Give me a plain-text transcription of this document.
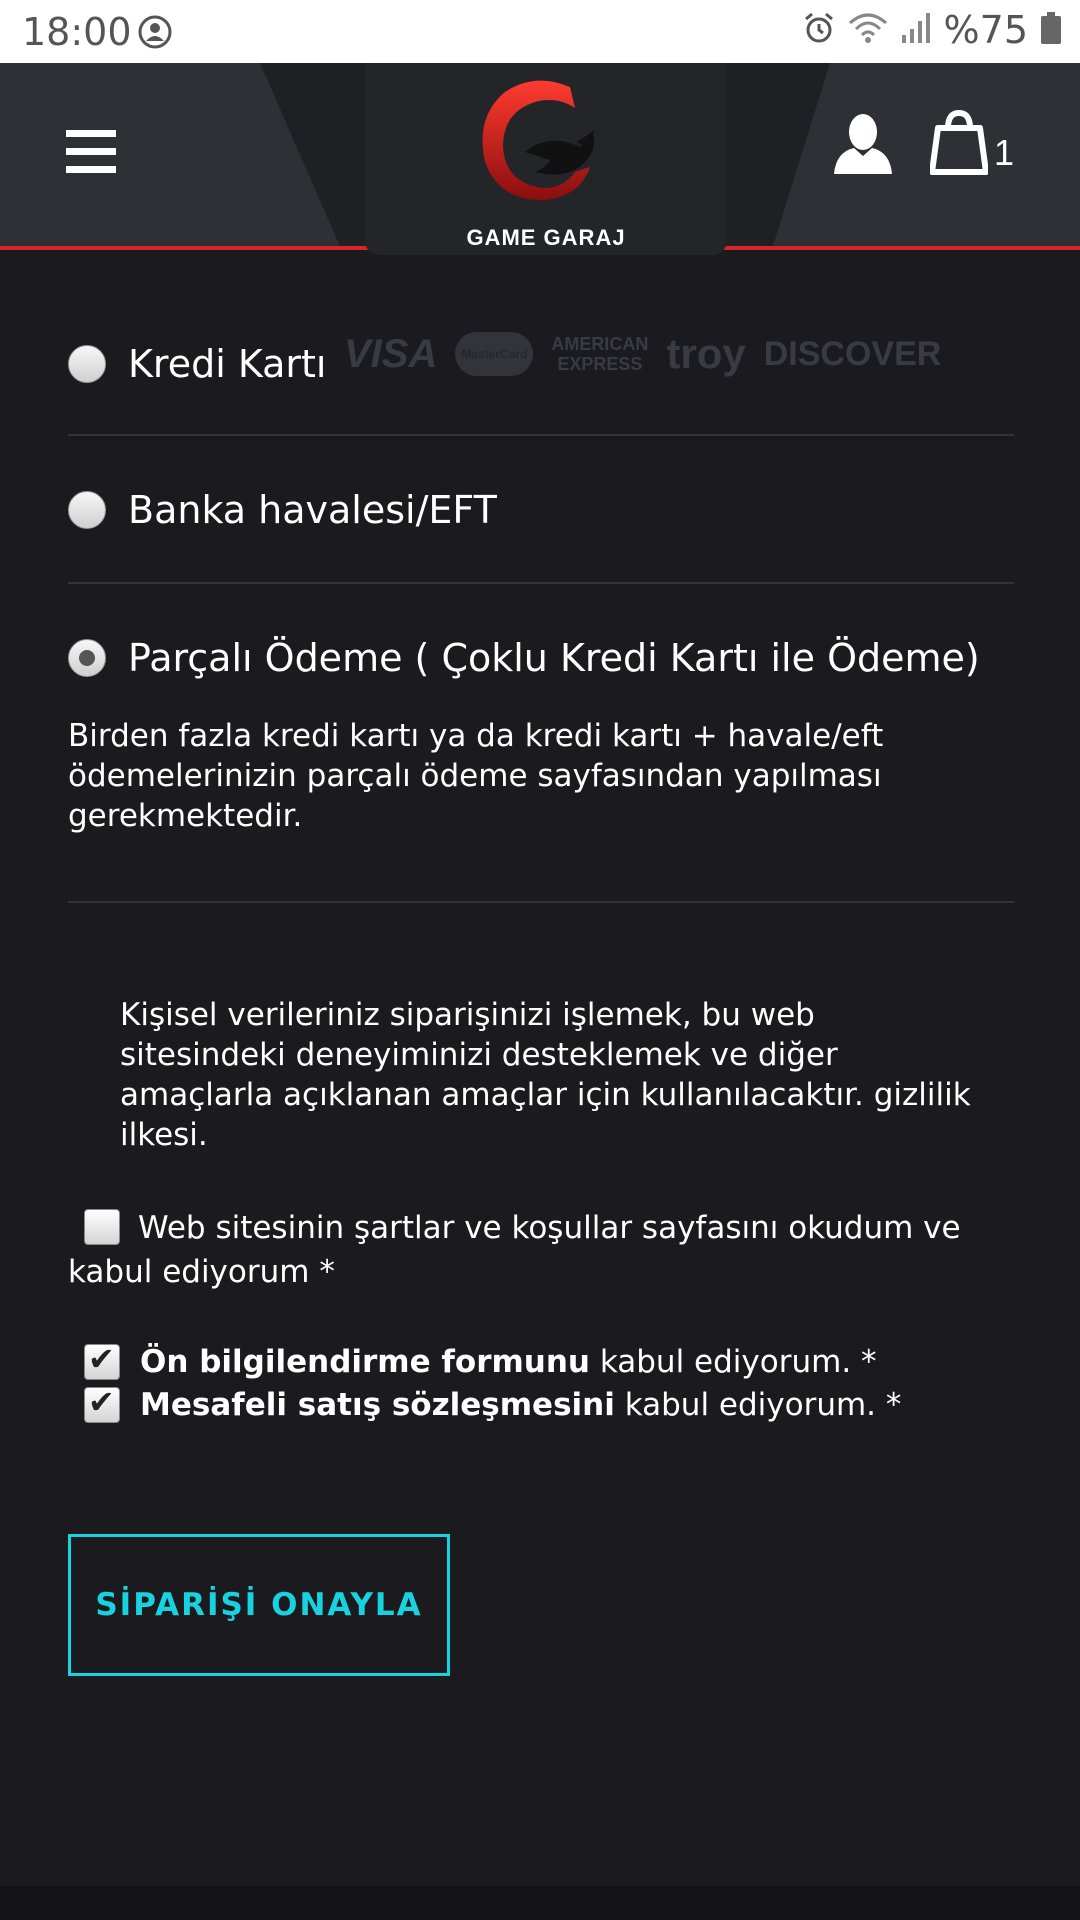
18:00	%75
GAME GARAJ
1
Kredi Kartı VISA	MasterCard	AMERICAN
EXPRESS troy DISCOVER
Banka havalesi/EFT
Parçalı Ödeme ( Çoklu Kredi Kartı ile Ödeme)
Birden fazla kredi kartı ya da kredi kartı + havale/eft ödemelerinizin parçalı ödeme sayfasından yapılması gerekmektedir.
Kişisel verileriniz siparişinizi işlemek, bu web sitesindeki deneyiminizi desteklemek ve diğer amaçlarla açıklanan amaçlar için kullanılacaktır. gizlilik ilkesi.
Web sitesinin şartlar ve koşullar sayfasını okudum ve kabul ediyorum *
✔ Ön bilgilendirme formunu kabul ediyorum. *
✔ Mesafeli satış sözleşmesini kabul ediyorum. *
SİPARİŞİ ONAYLA
